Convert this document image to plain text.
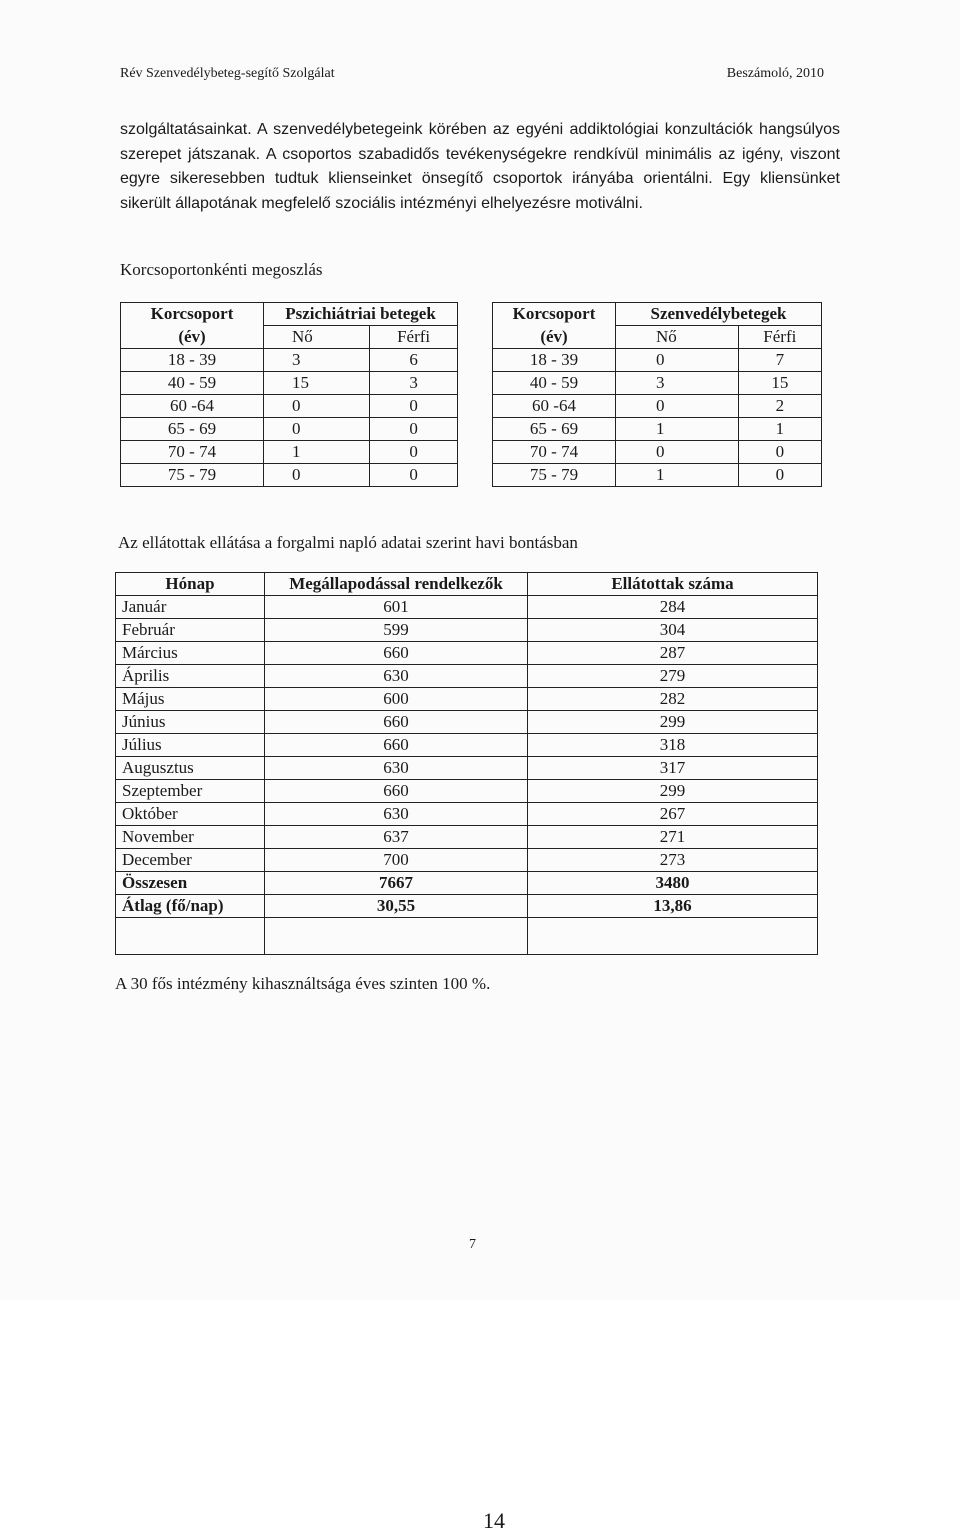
Rév Szenvedélybeteg-segítő Szolgálat	Beszámoló, 2010
szolgáltatásainkat. A szenvedélybetegeink körében az egyéni addiktológiai konzultációk hangsúlyos szerepet játszanak. A csoportos szabadidős tevékenységekre rendkívül minimális az igény, viszont egyre sikeresebben tudtuk klienseinket önsegítő csoportok irányába orientálni. Egy kliensünket sikerült állapotának megfelelő szociális intézményi elhelyezésre motiválni.
Korcsoportonkénti megoszlás
Korcsoport	Pszichiátriai betegek	
(év)	Nő	Férfi
18 - 39	3	6
40 - 59	15	3
60 -64	0	0
65 - 69	0	0
70 - 74	1	0
75 - 79	0	0
Korcsoport	Szenvedélybetegek	
(év)	Nő	Férfi
18 - 39	0	7
40 - 59	3	15
60 -64	0	2
65 - 69	1	1
70 - 74	0	0
75 - 79	1	0
Az ellátottak ellátása a forgalmi napló adatai szerint havi bontásban
Hónap	Megállapodással rendelkezők	Ellátottak száma
Január	601	284
Február	599	304
Március	660	287
Április	630	279
Május	600	282
Június	660	299
Július	660	318
Augusztus	630	317
Szeptember	660	299
Október	630	267
November	637	271
December	700	273
Összesen	7667	3480
Átlag (fő/nap)	30,55	13,86

A 30 fős intézmény kihasználtsága éves szinten 100 %.
7
14
